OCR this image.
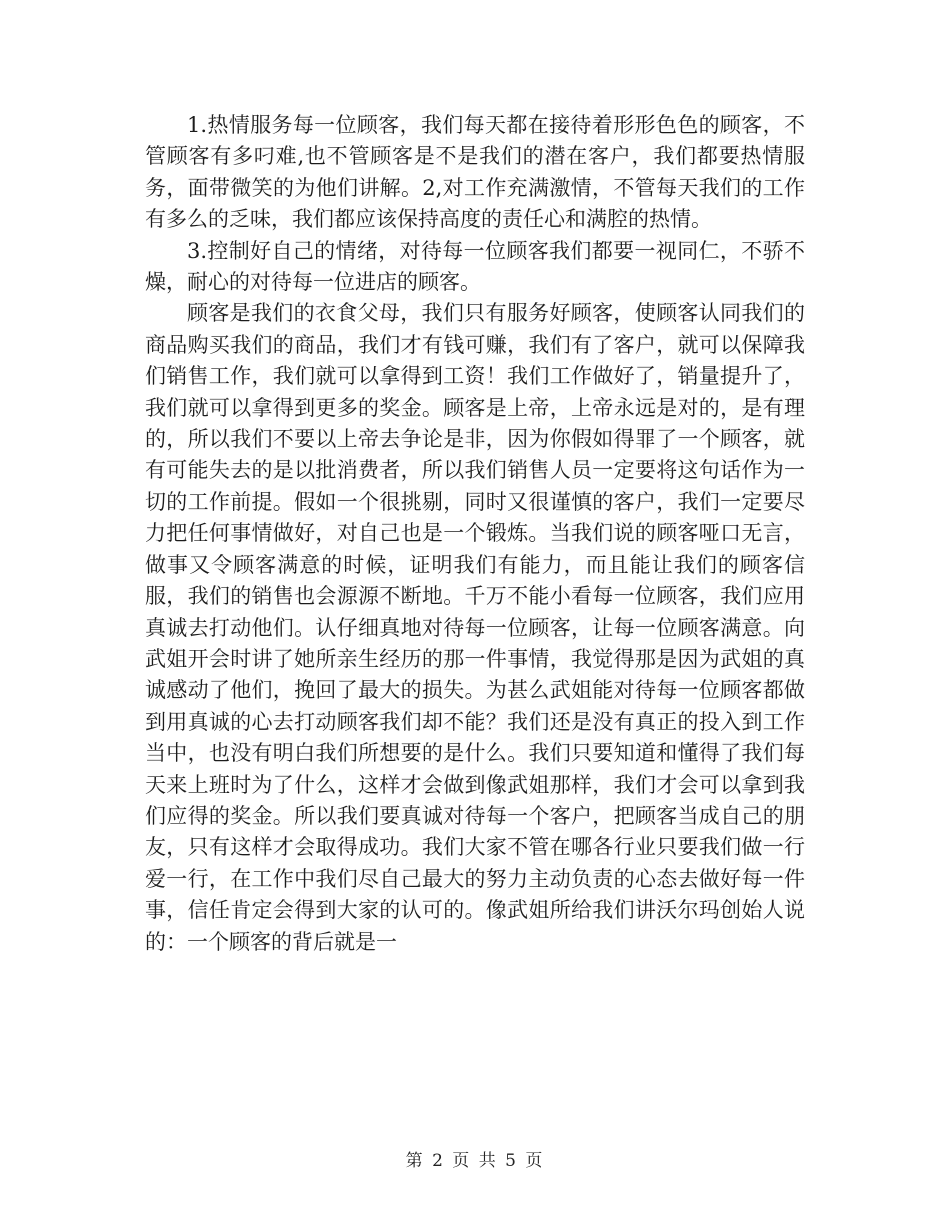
1.热情服务每一位顾客，我们每天都在接待着形形色色的顾客，不管顾客有多叼难,也不管顾客是不是我们的潜在客户，我们都要热情服务，面带微笑的为他们讲解。2,对工作充满激情，不管每天我们的工作有多么的乏味，我们都应该保持高度的责任心和满腔的热情。

3.控制好自己的情绪，对待每一位顾客我们都要一视同仁，不骄不燥，耐心的对待每一位进店的顾客。

顾客是我们的衣食父母，我们只有服务好顾客，使顾客认同我们的商品购买我们的商品，我们才有钱可赚，我们有了客户，就可以保障我们销售工作，我们就可以拿得到工资！我们工作做好了，销量提升了，我们就可以拿得到更多的奖金。顾客是上帝，上帝永远是对的，是有理的，所以我们不要以上帝去争论是非，因为你假如得罪了一个顾客，就有可能失去的是以批消费者，所以我们销售人员一定要将这句话作为一切的工作前提。假如一个很挑剔，同时又很谨慎的客户，我们一定要尽力把任何事情做好，对自己也是一个锻炼。当我们说的顾客哑口无言，做事又令顾客满意的时候，证明我们有能力，而且能让我们的顾客信服，我们的销售也会源源不断地。千万不能小看每一位顾客，我们应用真诚去打动他们。认仔细真地对待每一位顾客，让每一位顾客满意。向武姐开会时讲了她所亲生经历的那一件事情，我觉得那是因为武姐的真诚感动了他们，挽回了最大的损失。为甚么武姐能对待每一位顾客都做到用真诚的心去打动顾客我们却不能？我们还是没有真正的投入到工作当中，也没有明白我们所想要的是什么。我们只要知道和懂得了我们每天来上班时为了什么，这样才会做到像武姐那样，我们才会可以拿到我们应得的奖金。所以我们要真诚对待每一个客户，把顾客当成自己的朋友，只有这样才会取得成功。我们大家不管在哪各行业只要我们做一行爱一行，在工作中我们尽自己最大的努力主动负责的心态去做好每一件事，信任肯定会得到大家的认可的。像武姐所给我们讲沃尔玛创始人说的：一个顾客的背后就是一

第 2 页 共 5 页
